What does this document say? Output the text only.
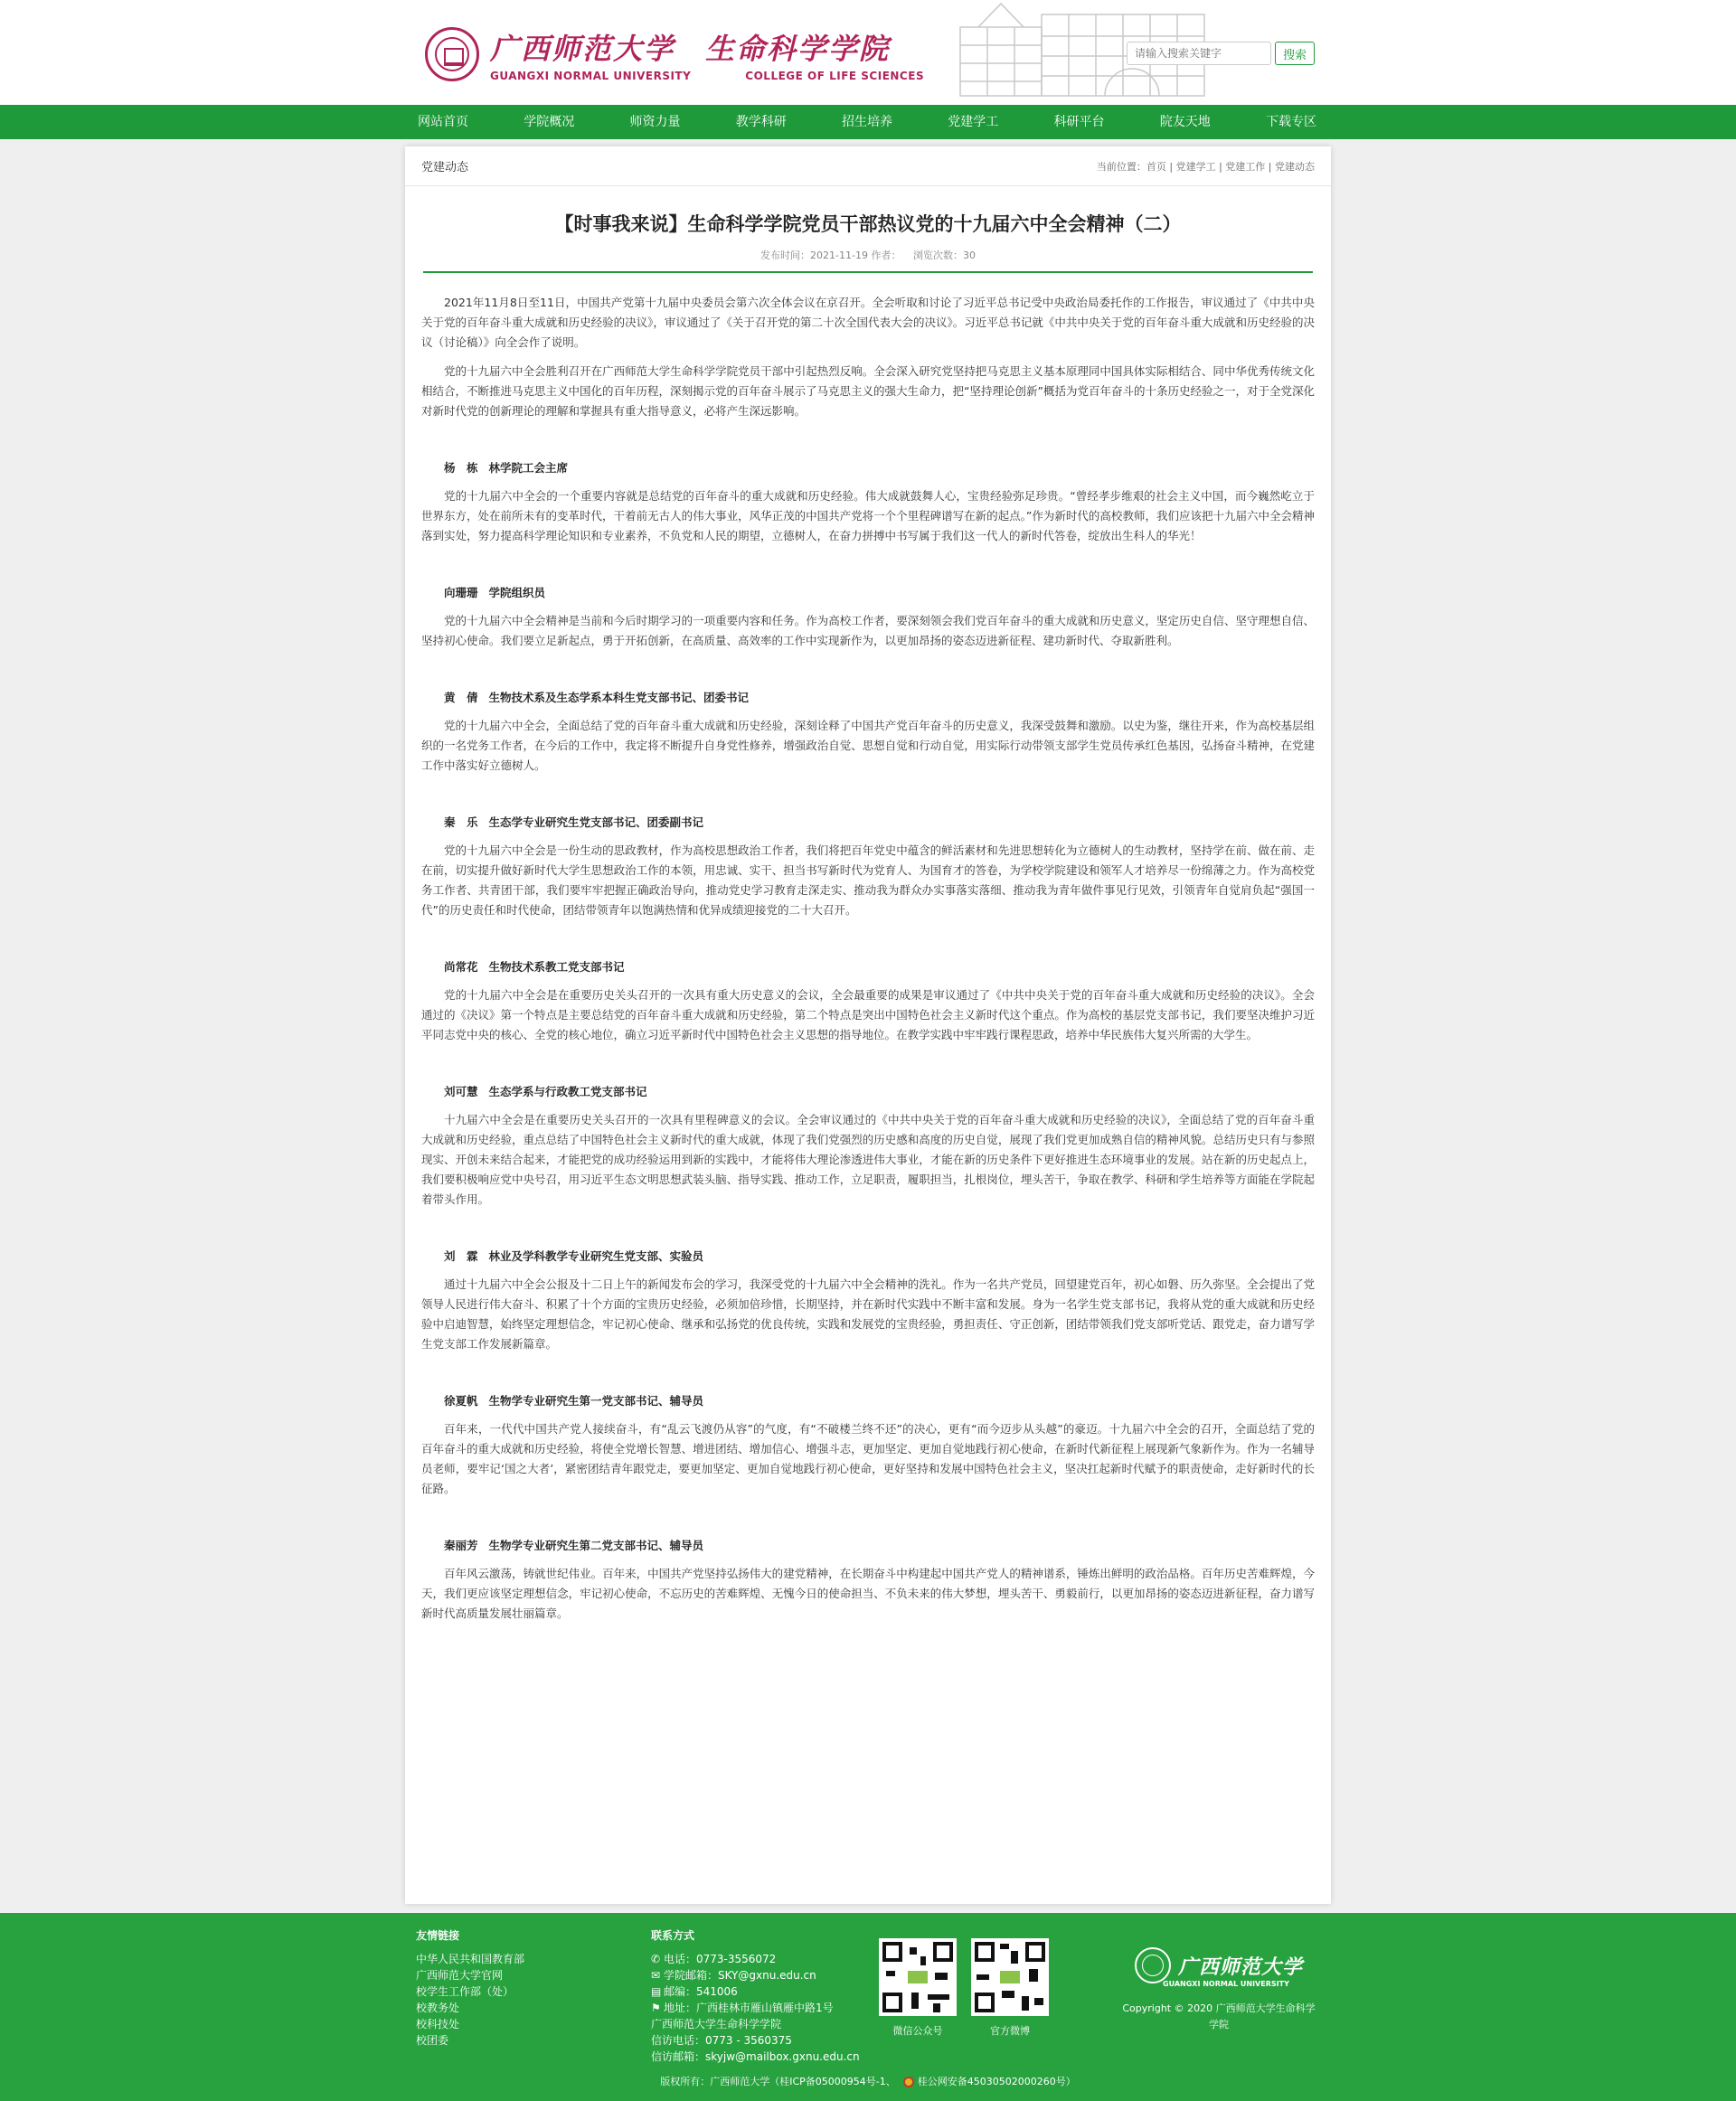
广西师范大学 生命科学学院
GUANGXI NORMAL UNIVERSITY	COLLEGE OF LIFE SCIENCES
请输入搜索关键字
搜索
网站首页	学院概况	师资力量	教学科研	招生培养	党建学工	科研平台	院友天地	下载专区
党建动态	当前位置：首页 | 党建学工 | 党建工作 | 党建动态
【时事我来说】生命科学学院党员干部热议党的十九届六中全会精神（二）
发布时间：2021-11-19 作者： 浏览次数：30

2021年11月8日至11日，中国共产党第十九届中央委员会第六次全体会议在京召开。全会听取和讨论了习近平总书记受中央政治局委托作的工作报告，审议通过了《中共中央关于党的百年奋斗重大成就和历史经验的决议》，审议通过了《关于召开党的第二十次全国代表大会的决议》。习近平总书记就《中共中央关于党的百年奋斗重大成就和历史经验的决议（讨论稿）》向全会作了说明。

党的十九届六中全会胜利召开在广西师范大学生命科学学院党员干部中引起热烈反响。全会深入研究党坚持把马克思主义基本原理同中国具体实际相结合、同中华优秀传统文化相结合，不断推进马克思主义中国化的百年历程，深刻揭示党的百年奋斗展示了马克思主义的强大生命力，把“坚持理论创新”概括为党百年奋斗的十条历史经验之一，对于全党深化对新时代党的创新理论的理解和掌握具有重大指导意义，必将产生深远影响。

杨　栋 林学院工会主席

党的十九届六中全会的一个重要内容就是总结党的百年奋斗的重大成就和历史经验。伟大成就鼓舞人心，宝贵经验弥足珍贵。“曾经孝步维艰的社会主义中国，而今巍然屹立于世界东方，处在前所未有的变革时代，干着前无古人的伟大事业，风华正茂的中国共产党将一个个里程碑谱写在新的起点。”作为新时代的高校教师，我们应该把十九届六中全会精神落到实处，努力提高科学理论知识和专业素养，不负党和人民的期望，立德树人，在奋力拼搏中书写属于我们这一代人的新时代答卷，绽放出生科人的华光！

向珊珊 学院组织员

党的十九届六中全会精神是当前和今后时期学习的一项重要内容和任务。作为高校工作者，要深刻领会我们党百年奋斗的重大成就和历史意义，坚定历史自信、坚守理想自信、坚持初心使命。我们要立足新起点，勇于开拓创新，在高质量、高效率的工作中实现新作为，以更加昂扬的姿态迈进新征程、建功新时代、夺取新胜利。

黄　倩 生物技术系及生态学系本科生党支部书记、团委书记

党的十九届六中全会，全面总结了党的百年奋斗重大成就和历史经验，深刻诠释了中国共产党百年奋斗的历史意义，我深受鼓舞和激励。以史为鉴，继往开来，作为高校基层组织的一名党务工作者，在今后的工作中，我定将不断提升自身党性修养，增强政治自觉、思想自觉和行动自觉，用实际行动带领支部学生党员传承红色基因，弘扬奋斗精神，在党建工作中落实好立德树人。

秦　乐 生态学专业研究生党支部书记、团委副书记

党的十九届六中全会是一份生动的思政教材，作为高校思想政治工作者，我们将把百年党史中蕴含的鲜活素材和先进思想转化为立德树人的生动教材，坚持学在前、做在前、走在前，切实提升做好新时代大学生思想政治工作的本领，用忠诚、实干、担当书写新时代为党育人、为国育才的答卷，为学校学院建设和领军人才培养尽一份绵薄之力。作为高校党务工作者、共青团干部，我们要牢牢把握正确政治导向，推动党史学习教育走深走实、推动我为群众办实事落实落细、推动我为青年做件事见行见效，引领青年自觉肩负起“强国一代”的历史责任和时代使命，团结带领青年以饱满热情和优异成绩迎接党的二十大召开。

尚常花 生物技术系教工党支部书记

党的十九届六中全会是在重要历史关头召开的一次具有重大历史意义的会议，全会最重要的成果是审议通过了《中共中央关于党的百年奋斗重大成就和历史经验的决议》。全会通过的《决议》第一个特点是主要总结党的百年奋斗重大成就和历史经验，第二个特点是突出中国特色社会主义新时代这个重点。作为高校的基层党支部书记，我们要坚决维护习近平同志党中央的核心、全党的核心地位，确立习近平新时代中国特色社会主义思想的指导地位。在教学实践中牢牢践行课程思政，培养中华民族伟大复兴所需的大学生。

刘可慧 生态学系与行政教工党支部书记

十九届六中全会是在重要历史关头召开的一次具有里程碑意义的会议。全会审议通过的《中共中央关于党的百年奋斗重大成就和历史经验的决议》，全面总结了党的百年奋斗重大成就和历史经验，重点总结了中国特色社会主义新时代的重大成就，体现了我们党强烈的历史感和高度的历史自觉，展现了我们党更加成熟自信的精神风貌。总结历史只有与参照现实、开创未来结合起来，才能把党的成功经验运用到新的实践中，才能将伟大理论渗透进伟大事业，才能在新的历史条件下更好推进生态环境事业的发展。站在新的历史起点上，我们要积极响应党中央号召，用习近平生态文明思想武装头脑、指导实践、推动工作，立足职责，履职担当，扎根岗位，埋头苦干，争取在教学、科研和学生培养等方面能在学院起着带头作用。

刘　霖 林业及学科教学专业研究生党支部、实验员

通过十九届六中全会公报及十二日上午的新闻发布会的学习，我深受党的十九届六中全会精神的洗礼。作为一名共产党员，回望建党百年，初心如磐、历久弥坚。全会提出了党领导人民进行伟大奋斗、积累了十个方面的宝贵历史经验，必须加倍珍惜，长期坚持，并在新时代实践中不断丰富和发展。身为一名学生党支部书记，我将从党的重大成就和历史经验中启迪智慧，始终坚定理想信念，牢记初心使命、继承和弘扬党的优良传统，实践和发展党的宝贵经验，勇担责任、守正创新，团结带领我们党支部听党话、跟党走，奋力谱写学生党支部工作发展新篇章。

徐夏帆 生物学专业研究生第一党支部书记、辅导员

百年来，一代代中国共产党人接续奋斗，有“乱云飞渡仍从容”的气度，有“不破楼兰终不还”的决心，更有“而今迈步从头越”的豪迈。十九届六中全会的召开，全面总结了党的百年奋斗的重大成就和历史经验，将使全党增长智慧、增进团结、增加信心、增强斗志，更加坚定、更加自觉地践行初心使命，在新时代新征程上展现新气象新作为。作为一名辅导员老师，要牢记‘国之大者’，紧密团结青年跟党走，要更加坚定、更加自觉地践行初心使命，更好坚持和发展中国特色社会主义，坚决扛起新时代赋予的职责使命，走好新时代的长征路。

秦丽芳 生物学专业研究生第二党支部书记、辅导员

百年风云激荡，铸就世纪伟业。百年来，中国共产党坚持弘扬伟大的建党精神，在长期奋斗中构建起中国共产党人的精神谱系，锤炼出鲜明的政治品格。百年历史苦难辉煌，今天，我们更应该坚定理想信念，牢记初心使命，不忘历史的苦难辉煌、无愧今日的使命担当、不负未来的伟大梦想，埋头苦干、勇毅前行，以更加昂扬的姿态迈进新征程，奋力谱写新时代高质量发展壮丽篇章。

友情链接
中华人民共和国教育部
广西师范大学官网
校学生工作部（处）
校教务处
校科技处
校团委
联系方式
✆ 电话：0773-3556072
✉ 学院邮箱：SKY@gxnu.edu.cn
▤ 邮编：541006
⚑ 地址：广西桂林市雁山镇雁中路1号
广西师范大学生命科学学院
信访电话：0773 - 3560375
信访邮箱：skyjw@mailbox.gxnu.edu.cn
微信公众号	官方微博
广西师范大学
GUANGXI NORMAL UNIVERSITY
Copyright © 2020 广西师范大学生命科学学院
版权所有：广西师范大学（桂ICP备05000954号-1、 桂公网安备45030502000260号）
